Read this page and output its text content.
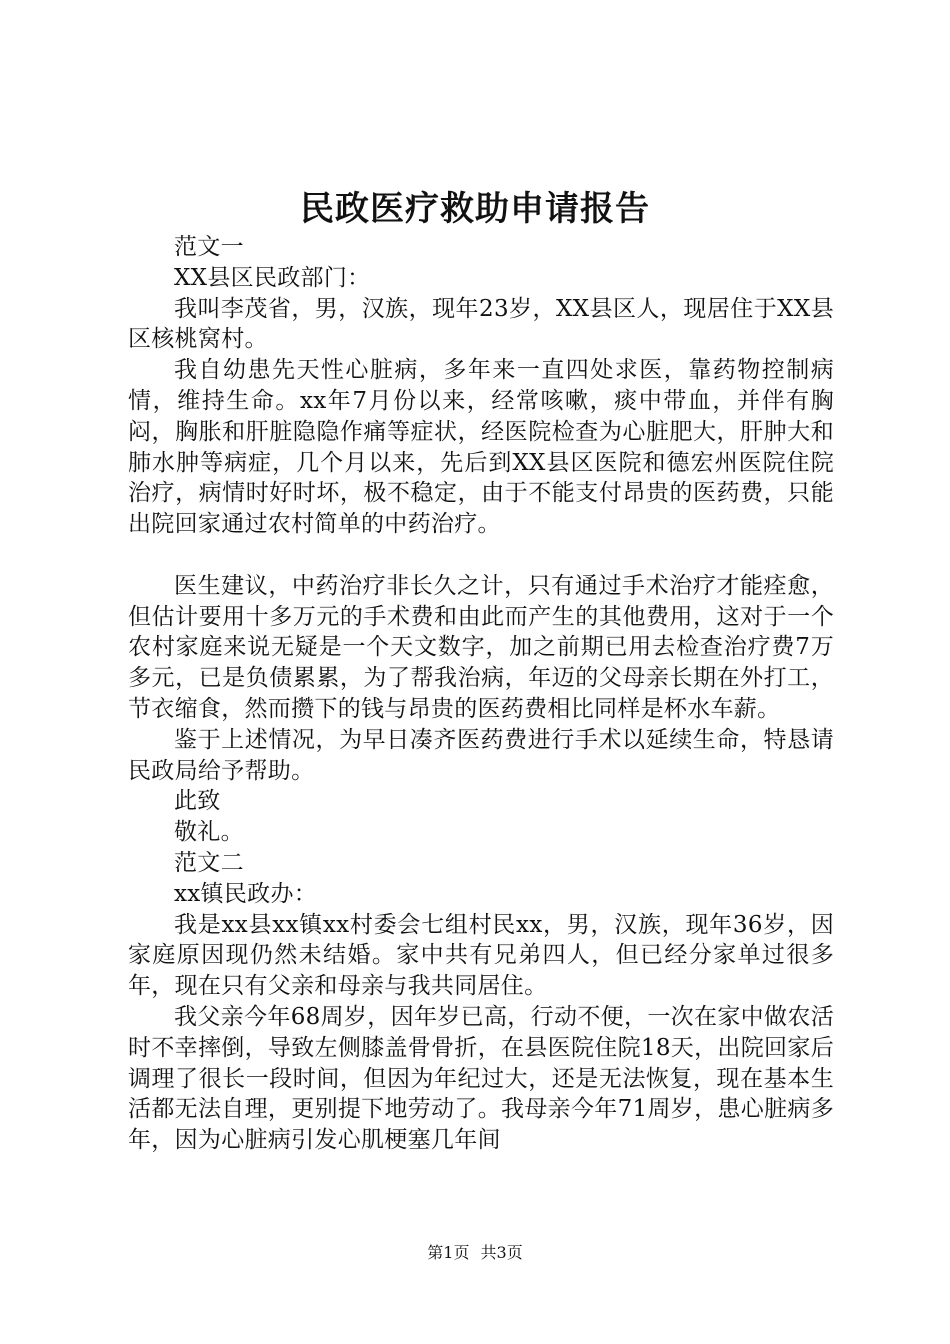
民政医疗救助申请报告

范文一

XX县区民政部门：

我叫李茂省，男，汉族，现年23岁，XX县区人，现居住于XX县区核桃窝村。

我自幼患先天性心脏病，多年来一直四处求医，靠药物控制病情，维持生命。xx年7月份以来，经常咳嗽，痰中带血，并伴有胸闷，胸胀和肝脏隐隐作痛等症状，经医院检查为心脏肥大，肝肿大和肺水肿等病症，几个月以来，先后到XX县区医院和德宏州医院住院治疗，病情时好时坏，极不稳定，由于不能支付昂贵的医药费，只能出院回家通过农村简单的中药治疗。

医生建议，中药治疗非长久之计，只有通过手术治疗才能痊愈，但估计要用十多万元的手术费和由此而产生的其他费用，这对于一个农村家庭来说无疑是一个天文数字，加之前期已用去检查治疗费7万多元，已是负债累累，为了帮我治病，年迈的父母亲长期在外打工，节衣缩食，然而攒下的钱与昂贵的医药费相比同样是杯水车薪。

鉴于上述情况，为早日凑齐医药费进行手术以延续生命，特恳请民政局给予帮助。

此致

敬礼。

范文二

xx镇民政办：

我是xx县xx镇xx村委会七组村民xx，男，汉族，现年36岁，因家庭原因现仍然未结婚。家中共有兄弟四人，但已经分家单过很多年，现在只有父亲和母亲与我共同居住。

我父亲今年68周岁，因年岁已高，行动不便，一次在家中做农活时不幸摔倒，导致左侧膝盖骨骨折，在县医院住院18天，出院回家后调理了很长一段时间，但因为年纪过大，还是无法恢复，现在基本生活都无法自理，更别提下地劳动了。我母亲今年71周岁，患心脏病多年，因为心脏病引发心肌梗塞几年间

第1页 共3页
